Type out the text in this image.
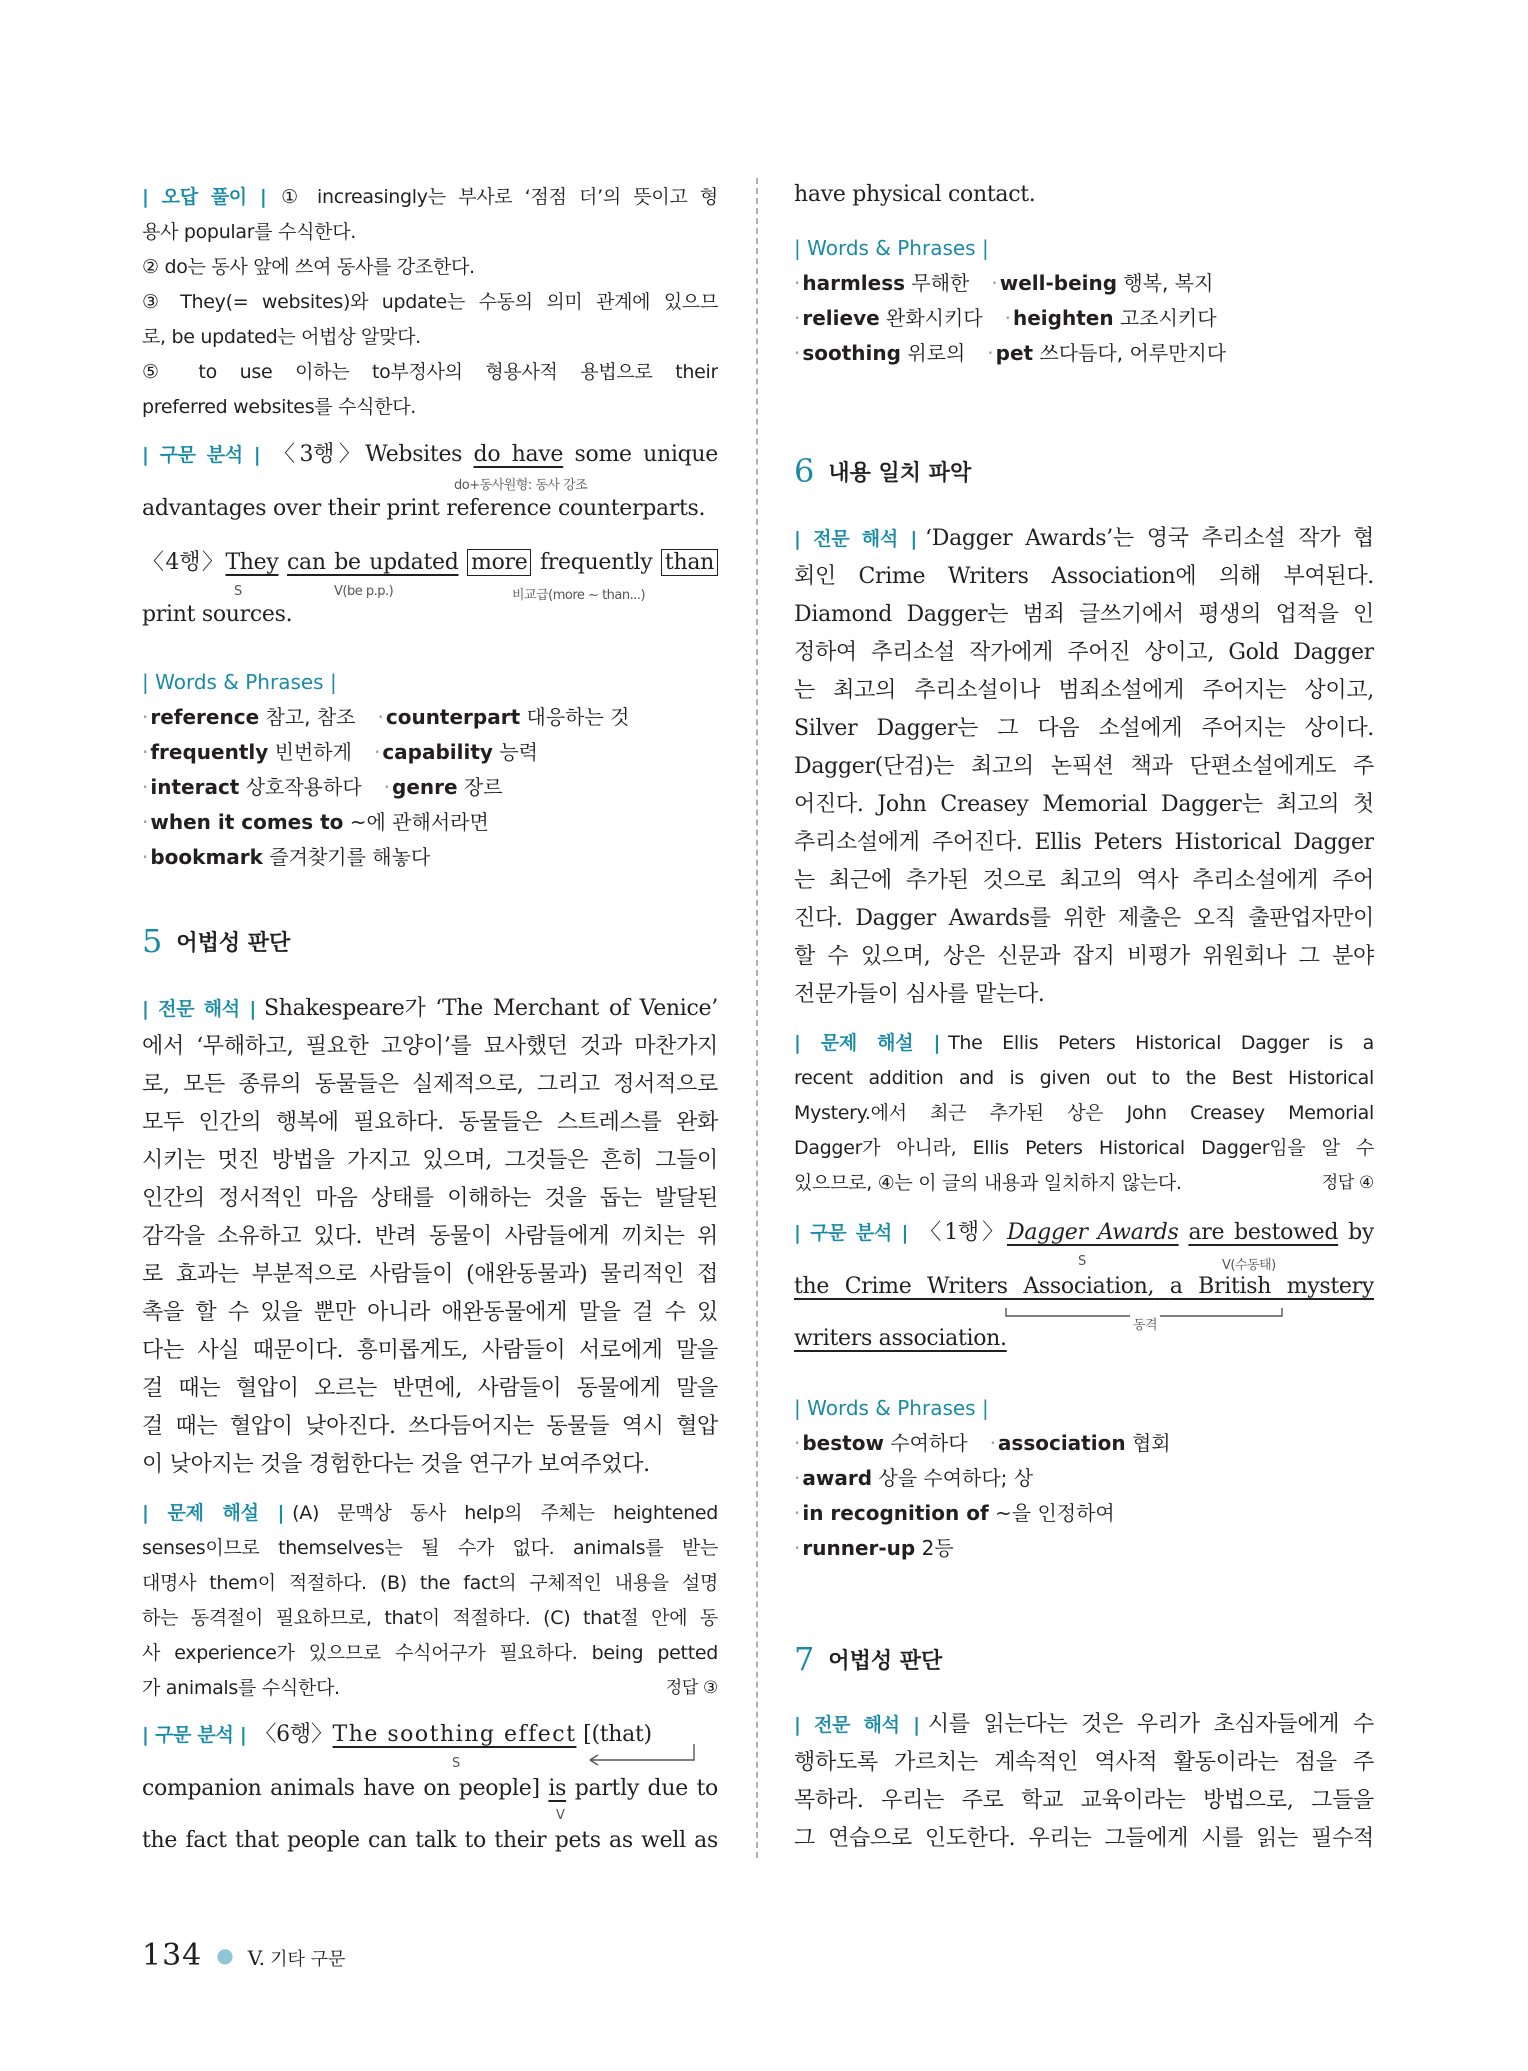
| 오답 풀이 | ① increasingly는 부사로 ‘점점 더’의 뜻이고 형
용사 popular를 수식한다.
② do는 동사 앞에 쓰여 동사를 강조한다.
③ They(= websites)와 update는 수동의 의미 관계에 있으므
로, be updated는 어법상 알맞다.
⑤ to use 이하는 to부정사의 형용사적 용법으로 their
preferred websites를 수식한다.
| 구문 분석 | 〈3행〉Websites do have some unique
do+동사원형: 동사 강조
advantages over their print reference counterparts.
〈4행〉They can be updated more frequently than
S	V(be p.p.)	비교급(more ~ than...)
print sources.
| Words & Phrases |
· reference 참고, 참조 · counterpart 대응하는 것
· frequently 빈번하게 · capability 능력
· interact 상호작용하다 · genre 장르
· when it comes to ~에 관해서라면
· bookmark 즐겨찾기를 해놓다
5 어법성 판단
| 전문 해석 | Shakespeare가 ‘The Merchant of Venice’
에서 ‘무해하고, 필요한 고양이’를 묘사했던 것과 마찬가지
로, 모든 종류의 동물들은 실제적으로, 그리고 정서적으로
모두 인간의 행복에 필요하다. 동물들은 스트레스를 완화
시키는 멋진 방법을 가지고 있으며, 그것들은 흔히 그들이
인간의 정서적인 마음 상태를 이해하는 것을 돕는 발달된
감각을 소유하고 있다. 반려 동물이 사람들에게 끼치는 위
로 효과는 부분적으로 사람들이 (애완동물과) 물리적인 접
촉을 할 수 있을 뿐만 아니라 애완동물에게 말을 걸 수 있
다는 사실 때문이다. 흥미롭게도, 사람들이 서로에게 말을
걸 때는 혈압이 오르는 반면에, 사람들이 동물에게 말을
걸 때는 혈압이 낮아진다. 쓰다듬어지는 동물들 역시 혈압
이 낮아지는 것을 경험한다는 것을 연구가 보여주었다.
| 문제 해설 | (A) 문맥상 동사 help의 주체는 heightened
senses이므로 themselves는 될 수가 없다. animals를 받는
대명사 them이 적절하다. (B) the fact의 구체적인 내용을 설명
하는 동격절이 필요하므로, that이 적절하다. (C) that절 안에 동
사 experience가 있으므로 수식어구가 필요하다. being petted
가 animals를 수식한다.	정답 ③
| 구문 분석 | 〈6행〉The soothing effect [(that)
S
companion animals have on people] is partly due to
V
the fact that people can talk to their pets as well as
have physical contact.
| Words & Phrases |
· harmless 무해한 · well-being 행복, 복지
· relieve 완화시키다 · heighten 고조시키다
· soothing 위로의 · pet 쓰다듬다, 어루만지다
6 내용 일치 파악
| 전문 해석 | ‘Dagger Awards’는 영국 추리소설 작가 협
회인 Crime Writers Association에 의해 부여된다.
Diamond Dagger는 범죄 글쓰기에서 평생의 업적을 인
정하여 추리소설 작가에게 주어진 상이고, Gold Dagger
는 최고의 추리소설이나 범죄소설에게 주어지는 상이고,
Silver Dagger는 그 다음 소설에게 주어지는 상이다.
Dagger(단검)는 최고의 논픽션 책과 단편소설에게도 주
어진다. John Creasey Memorial Dagger는 최고의 첫
추리소설에게 주어진다. Ellis Peters Historical Dagger
는 최근에 추가된 것으로 최고의 역사 추리소설에게 주어
진다. Dagger Awards를 위한 제출은 오직 출판업자만이
할 수 있으며, 상은 신문과 잡지 비평가 위원회나 그 분야
전문가들이 심사를 맡는다.
| 문제 해설 | The Ellis Peters Historical Dagger is a
recent addition and is given out to the Best Historical
Mystery.에서 최근 추가된 상은 John Creasey Memorial
Dagger가 아니라, Ellis Peters Historical Dagger임을 알 수
있으므로, ④는 이 글의 내용과 일치하지 않는다.	정답 ④
| 구문 분석 | 〈1행〉Dagger Awards are bestowed by
S	V(수동태)
the Crime Writers Association, a British mystery
동격
writers association.
| Words & Phrases |
· bestow 수여하다 · association 협회
· award 상을 수여하다; 상
· in recognition of ~을 인정하여
· runner-up 2등
7 어법성 판단
| 전문 해석 | 시를 읽는다는 것은 우리가 초심자들에게 수
행하도록 가르치는 계속적인 역사적 활동이라는 점을 주
목하라. 우리는 주로 학교 교육이라는 방법으로, 그들을
그 연습으로 인도한다. 우리는 그들에게 시를 읽는 필수적
134 ● V. 기타 구문
